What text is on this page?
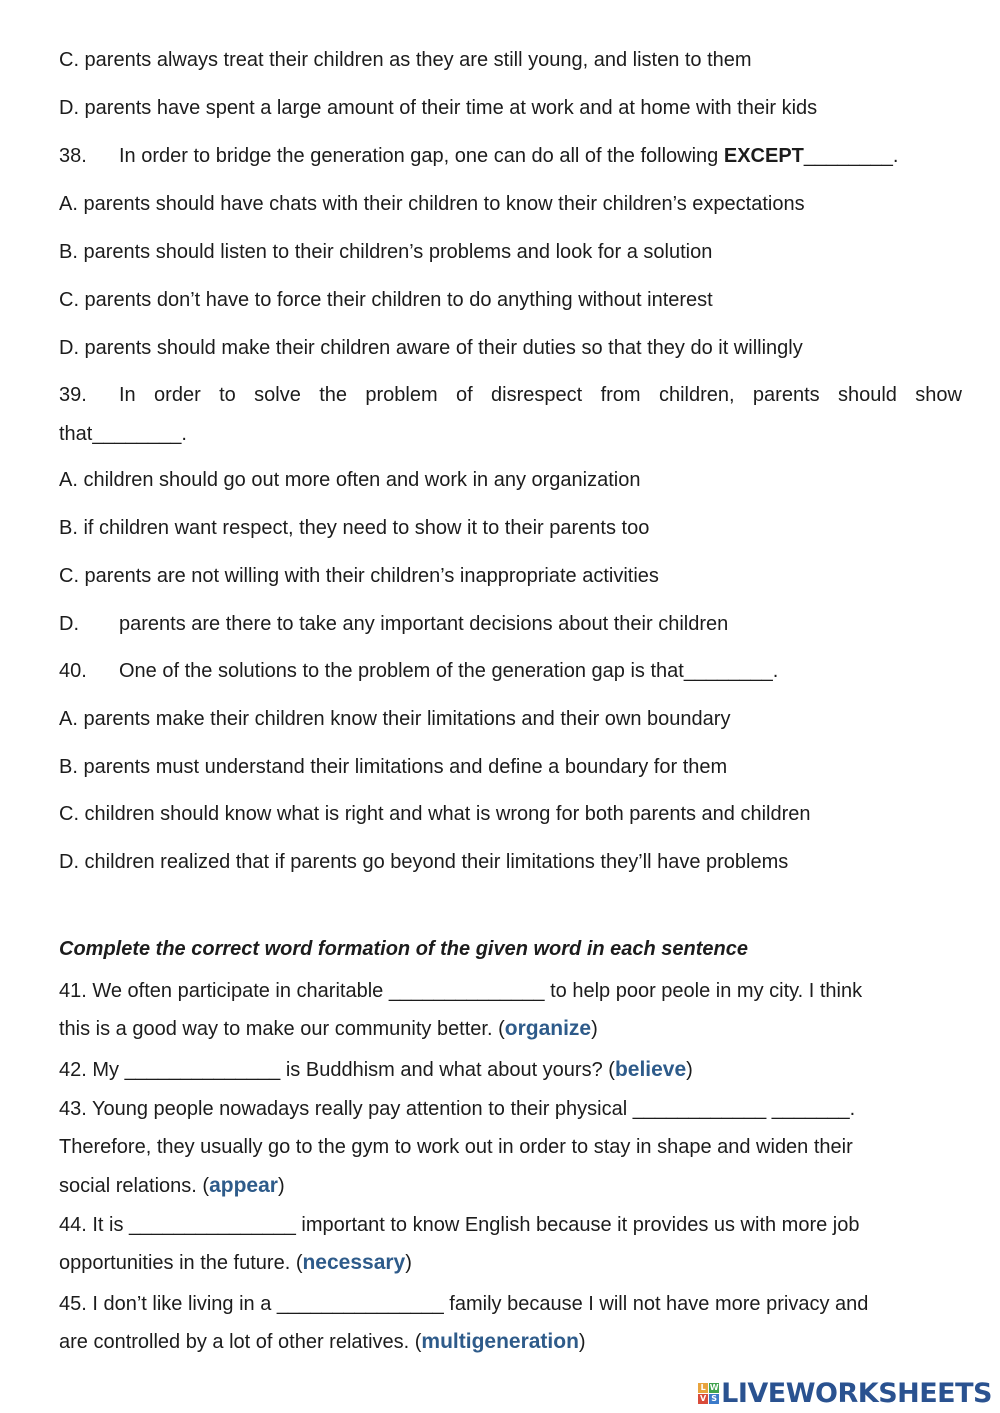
C. parents always treat their children as they are still young, and listen to them
D. parents have spent a large amount of their time at work and at home with their kids
38. In order to bridge the generation gap, one can do all of the following EXCEPT________.
A. parents should have chats with their children to know their children’s expectations
B. parents should listen to their children’s problems and look for a solution
C. parents don’t have to force their children to do anything without interest
D. parents should make their children aware of their duties so that they do it willingly
39. In order to solve the problem of disrespect from children, parents should show
that________.
A. children should go out more often and work in any organization
B. if children want respect, they need to show it to their parents too
C. parents are not willing with their children’s inappropriate activities
D. parents are there to take any important decisions about their children
40. One of the solutions to the problem of the generation gap is that________.
A. parents make their children know their limitations and their own boundary
B. parents must understand their limitations and define a boundary for them
C. children should know what is right and what is wrong for both parents and children
D. children realized that if parents go beyond their limitations they’ll have problems
Complete the correct word formation of the given word in each sentence
41. We often participate in charitable ______________ to help poor peole in my city. I think
this is a good way to make our community better. (organize)
42. My ______________ is Buddhism and what about yours? (believe)
43. Young people nowadays really pay attention to their physical ____________ _______.
Therefore, they usually go to the gym to work out in order to stay in shape and widen their
social relations. (appear)
44. It is _______________ important to know English because it provides us with more job
opportunities in the future. (necessary)
45. I don’t like living in a _______________ family because I will not have more privacy and
are controlled by a lot of other relatives. (multigeneration)
L W
V S LIVEWORKSHEETS
